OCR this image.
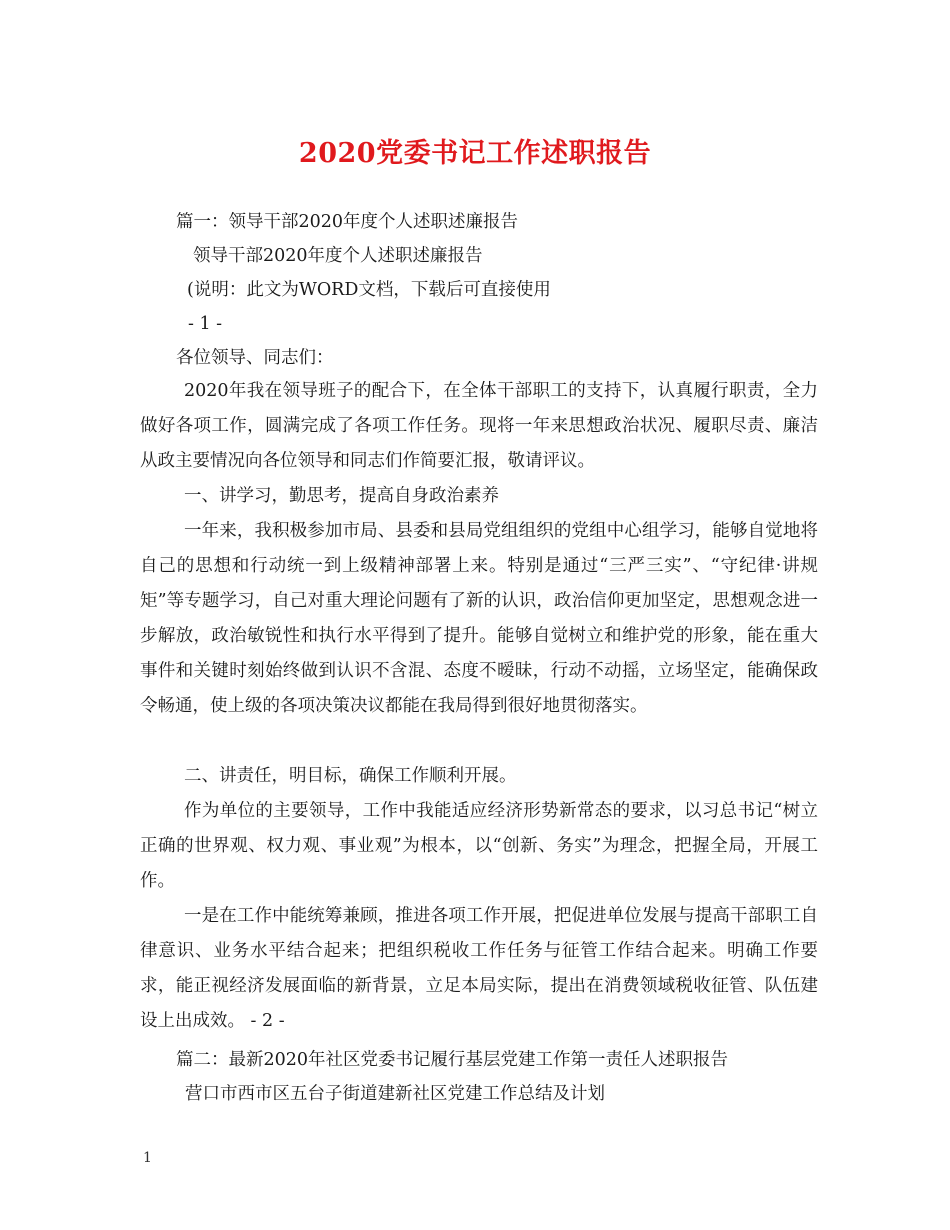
2020党委书记工作述职报告
篇一：领导干部2020年度个人述职述廉报告
领导干部2020年度个人述职述廉报告
(说明：此文为WORD文档，下载后可直接使用
- 1 -
各位领导、同志们：
2020年我在领导班子的配合下，在全体干部职工的支持下，认真履行职责，全力做好各项工作，圆满完成了各项工作任务。现将一年来思想政治状况、履职尽责、廉洁从政主要情况向各位领导和同志们作简要汇报，敬请评议。
一、讲学习，勤思考，提高自身政治素养
一年来，我积极参加市局、县委和县局党组组织的党组中心组学习，能够自觉地将自己的思想和行动统一到上级精神部署上来。特别是通过“三严三实”、“守纪律·讲规矩”等专题学习，自己对重大理论问题有了新的认识，政治信仰更加坚定，思想观念进一步解放，政治敏锐性和执行水平得到了提升。能够自觉树立和维护党的形象，能在重大事件和关键时刻始终做到认识不含混、态度不暧昧，行动不动摇，立场坚定，能确保政令畅通，使上级的各项决策决议都能在我局得到很好地贯彻落实。
二、讲责任，明目标，确保工作顺利开展。
作为单位的主要领导，工作中我能适应经济形势新常态的要求，以习总书记“树立正确的世界观、权力观、事业观”为根本，以“创新、务实”为理念，把握全局，开展工作。
一是在工作中能统筹兼顾，推进各项工作开展，把促进单位发展与提高干部职工自律意识、业务水平结合起来；把组织税收工作任务与征管工作结合起来。明确工作要求，能正视经济发展面临的新背景，立足本局实际，提出在消费领域税收征管、队伍建设上出成效。 - 2 -
篇二：最新2020年社区党委书记履行基层党建工作第一责任人述职报告
营口市西市区五台子街道建新社区党建工作总结及计划
1
